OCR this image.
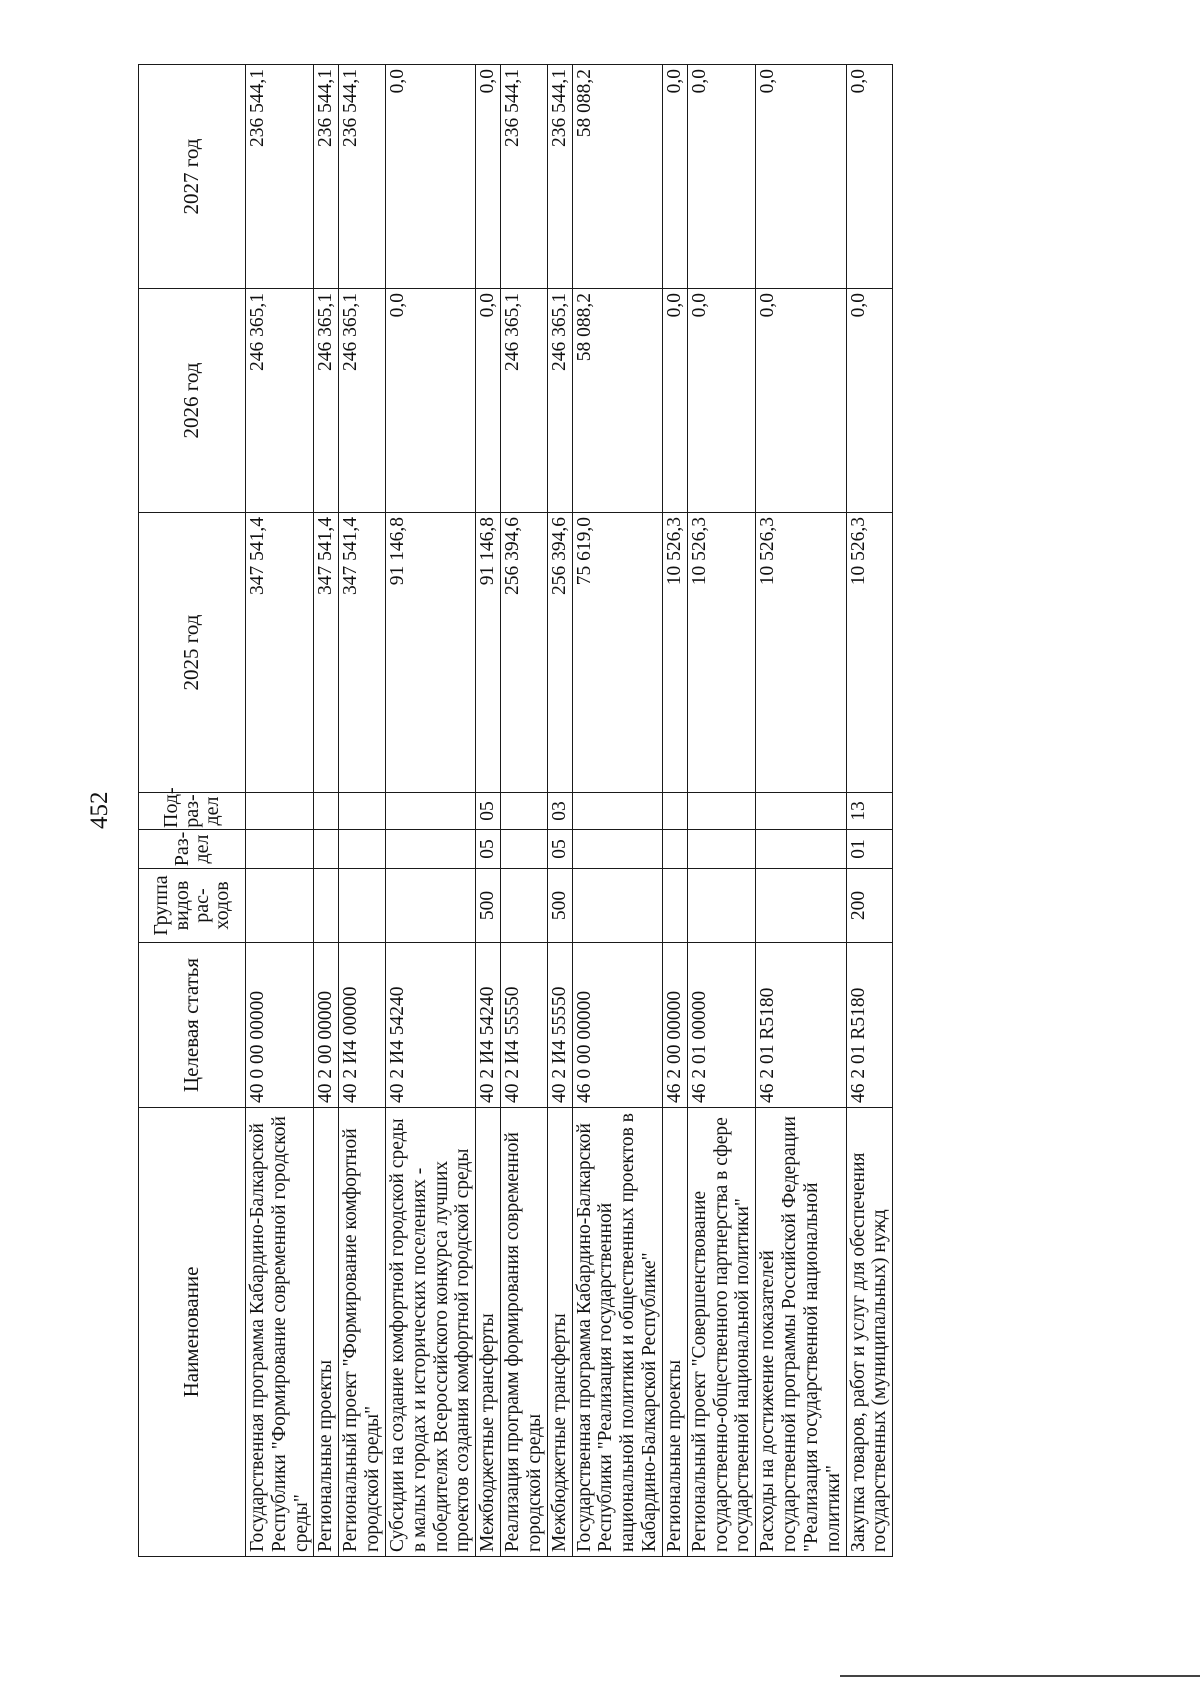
452
Наименование	Целевая статья	Группа видов рас- ходов	Раз- дел	Под- раз- дел	2025 год	2026 год	2027 год
Государственная программа Кабардино-Балкарской Республики "Формирование современной городской среды"	40 0 00 00000				347 541,4	246 365,1	236 544,1
Региональные проекты	40 2 00 00000				347 541,4	246 365,1	236 544,1
Региональный проект "Формирование комфортной городской среды"	40 2 И4 00000				347 541,4	246 365,1	236 544,1
Субсидии на создание комфортной городской среды в малых городах и исторических поселениях - победителях Всероссийского конкурса лучших проектов создания комфортной городской среды	40 2 И4 54240				91 146,8	0,0	0,0
Межбюджетные трансферты	40 2 И4 54240	500	05	05	91 146,8	0,0	0,0
Реализация программ формирования современной городской среды	40 2 И4 55550				256 394,6	246 365,1	236 544,1
Межбюджетные трансферты	40 2 И4 55550	500	05	03	256 394,6	246 365,1	236 544,1
Государственная программа Кабардино-Балкарской Республики "Реализация государственной национальной политики и общественных проектов в Кабардино-Балкарской Республике"	46 0 00 00000				75 619,0	58 088,2	58 088,2
Региональные проекты	46 2 00 00000				10 526,3	0,0	0,0
Региональный проект "Совершенствование государственно-общественного партнерства в сфере государственной национальной политики"	46 2 01 00000				10 526,3	0,0	0,0
Расходы на достижение показателей государственной программы Российской Федерации "Реализация государственной национальной политики"	46 2 01 R5180				10 526,3	0,0	0,0
Закупка товаров, работ и услуг для обеспечения государственных (муниципальных) нужд	46 2 01 R5180	200	01	13	10 526,3	0,0	0,0
